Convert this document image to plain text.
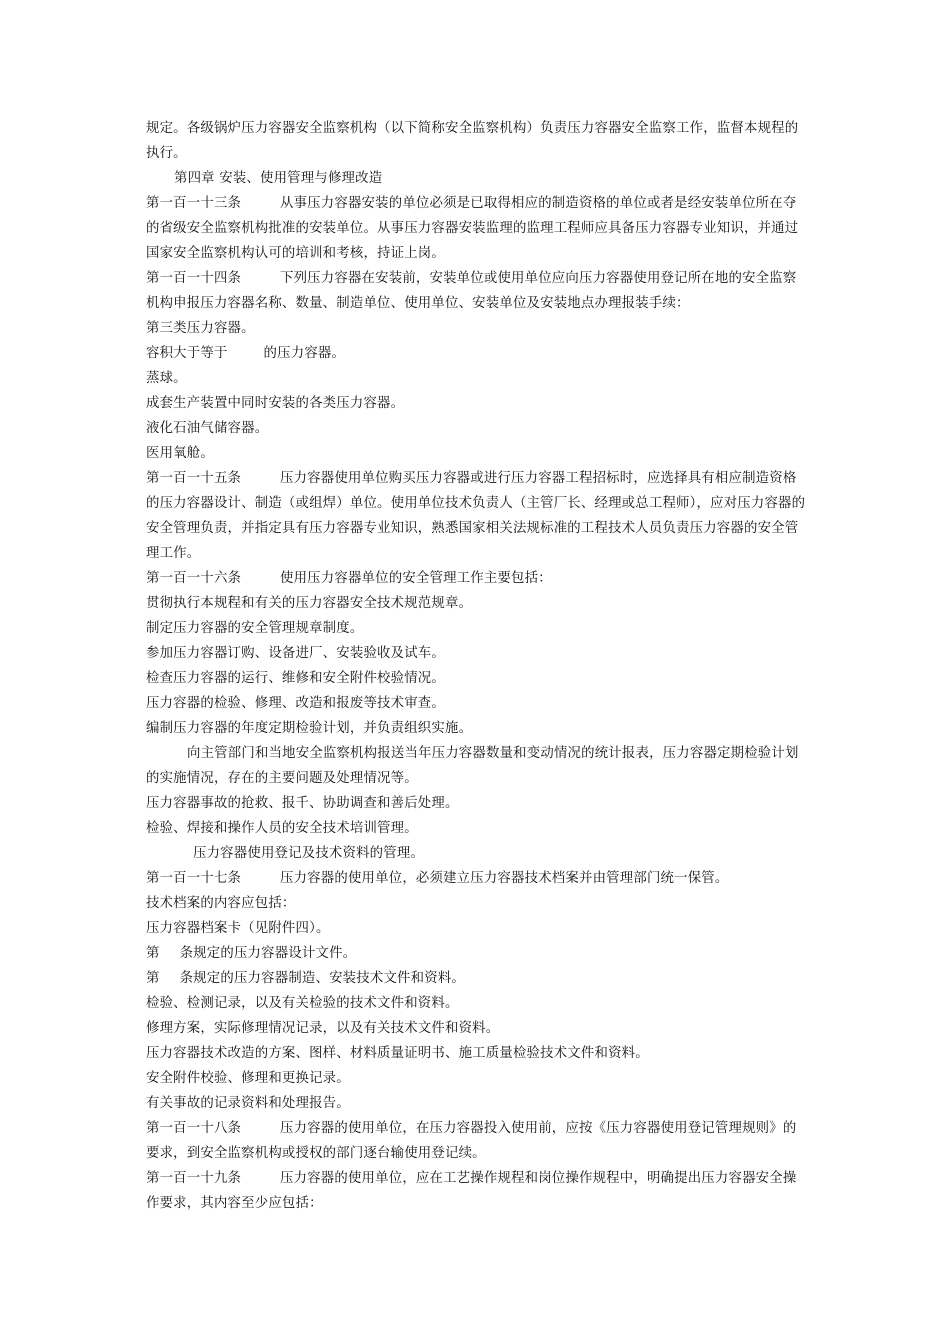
规定。各级锅炉压力容器安全监察机构（以下简称安全监察机构）负责压力容器安全监察工作，监督本规程的执行。

第四章 安装、使用管理与修理改造

第一百一十三条	从事压力容器安装的单位必须是已取得相应的制造资格的单位或者是经安装单位所在夺的省级安全监察机构批准的安装单位。从事压力容器安装监理的监理工程师应具备压力容器专业知识，并通过国家安全监察机构认可的培训和考核，持证上岗。

第一百一十四条	下列压力容器在安装前，安装单位或使用单位应向压力容器使用登记所在地的安全监察机构申报压力容器名称、数量、制造单位、使用单位、安装单位及安装地点办理报装手续：

第三类压力容器。

容积大于等于	的压力容器。

蒸球。

成套生产装置中同时安装的各类压力容器。

液化石油气储容器。

医用氧舱。

第一百一十五条	压力容器使用单位购买压力容器或进行压力容器工程招标时，应选择具有相应制造资格的压力容器设计、制造（或组焊）单位。使用单位技术负责人（主管厂长、经理或总工程师），应对压力容器的安全管理负责，并指定具有压力容器专业知识，熟悉国家相关法规标准的工程技术人员负责压力容器的安全管理工作。

第一百一十六条	使用压力容器单位的安全管理工作主要包括：

贯彻执行本规程和有关的压力容器安全技术规范规章。

制定压力容器的安全管理规章制度。

参加压力容器订购、设备进厂、安装验收及试车。

检查压力容器的运行、维修和安全附件校验情况。

压力容器的检验、修理、改造和报废等技术审查。

编制压力容器的年度定期检验计划，并负责组织实施。

向主管部门和当地安全监察机构报送当年压力容器数量和变动情况的统计报表，压力容器定期检验计划的实施情况，存在的主要问题及处理情况等。

压力容器事故的抢救、报千、协助调查和善后处理。

检验、焊接和操作人员的安全技术培训管理。

压力容器使用登记及技术资料的管理。

第一百一十七条	压力容器的使用单位，必须建立压力容器技术档案并由管理部门统一保管。

技术档案的内容应包括：

压力容器档案卡（见附件四）。

第 条规定的压力容器设计文件。

第 条规定的压力容器制造、安装技术文件和资料。

检验、检测记录，以及有关检验的技术文件和资料。

修理方案，实际修理情况记录，以及有关技术文件和资料。

压力容器技术改造的方案、图样、材料质量证明书、施工质量检验技术文件和资料。

安全附件校验、修理和更换记录。

有关事故的记录资料和处理报告。

第一百一十八条	压力容器的使用单位，在压力容器投入使用前，应按《压力容器使用登记管理规则》的要求，到安全监察机构或授权的部门逐台输使用登记续。

第一百一十九条	压力容器的使用单位，应在工艺操作规程和岗位操作规程中，明确提出压力容器安全操作要求，其内容至少应包括：
